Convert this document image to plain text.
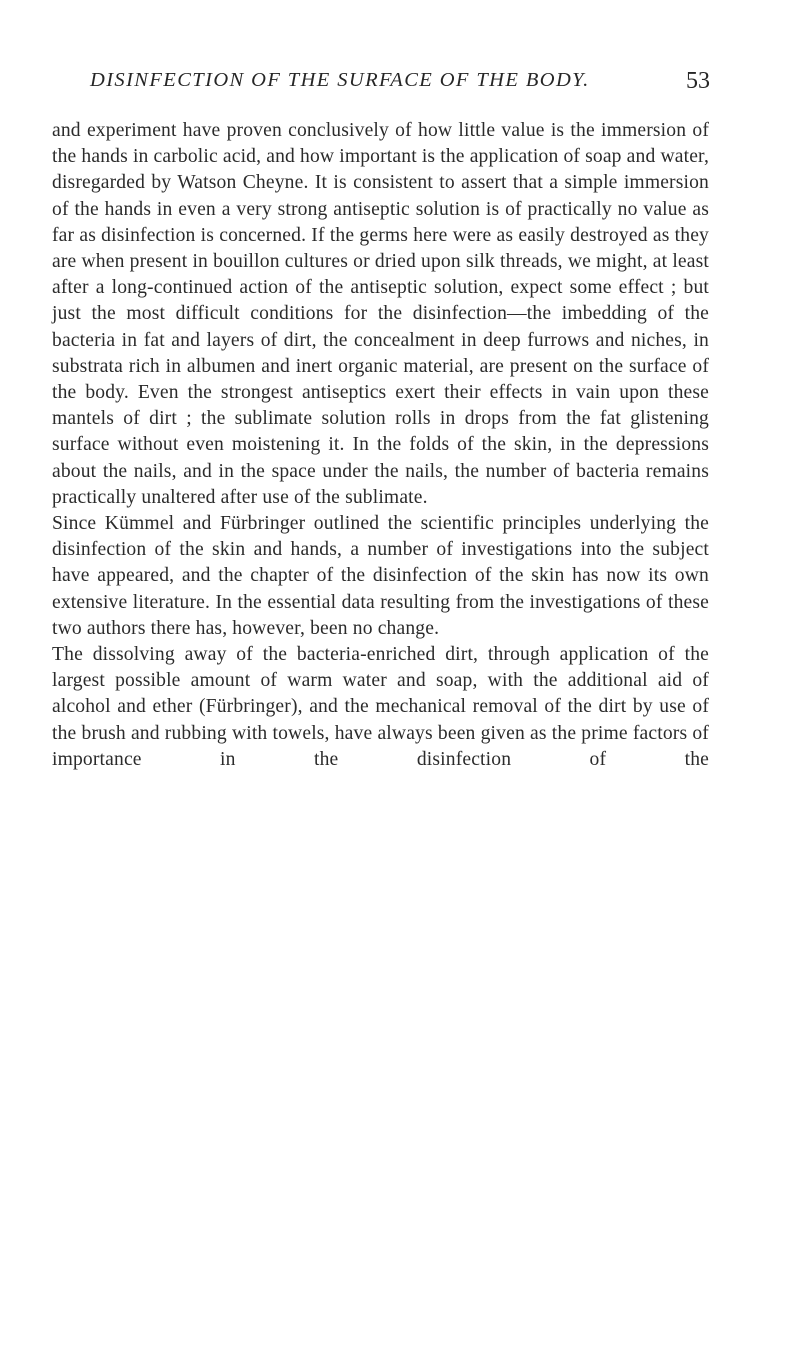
DISINFECTION OF THE SURFACE OF THE BODY.	53

and experiment have proven conclusively of how little value is the immersion of the hands in carbolic acid, and how important is the application of soap and water, disregarded by Watson Cheyne. It is consistent to assert that a simple immersion of the hands in even a very strong antiseptic solution is of practically no value as far as disinfection is concerned. If the germs here were as easily destroyed as they are when present in bouillon cultures or dried upon silk threads, we might, at least after a long-continued action of the antiseptic solution, expect some effect ; but just the most difficult conditions for the disinfection—the imbedding of the bacteria in fat and layers of dirt, the concealment in deep furrows and niches, in substrata rich in albumen and inert organic material, are present on the surface of the body. Even the strongest antiseptics exert their effects in vain upon these mantels of dirt ; the sublimate solution rolls in drops from the fat glistening surface without even moistening it. In the folds of the skin, in the depressions about the nails, and in the space under the nails, the number of bacteria remains practically unaltered after use of the sublimate.

Since Kümmel and Fürbringer outlined the scientific principles underlying the disinfection of the skin and hands, a number of investigations into the subject have appeared, and the chapter of the disinfection of the skin has now its own extensive literature. In the essential data resulting from the investigations of these two authors there has, however, been no change.

The dissolving away of the bacteria-enriched dirt, through application of the largest possible amount of warm water and soap, with the additional aid of alcohol and ether (Fürbringer), and the mechanical removal of the dirt by use of the brush and rubbing with towels, have always been given as the prime factors of importance in the disinfection of the
